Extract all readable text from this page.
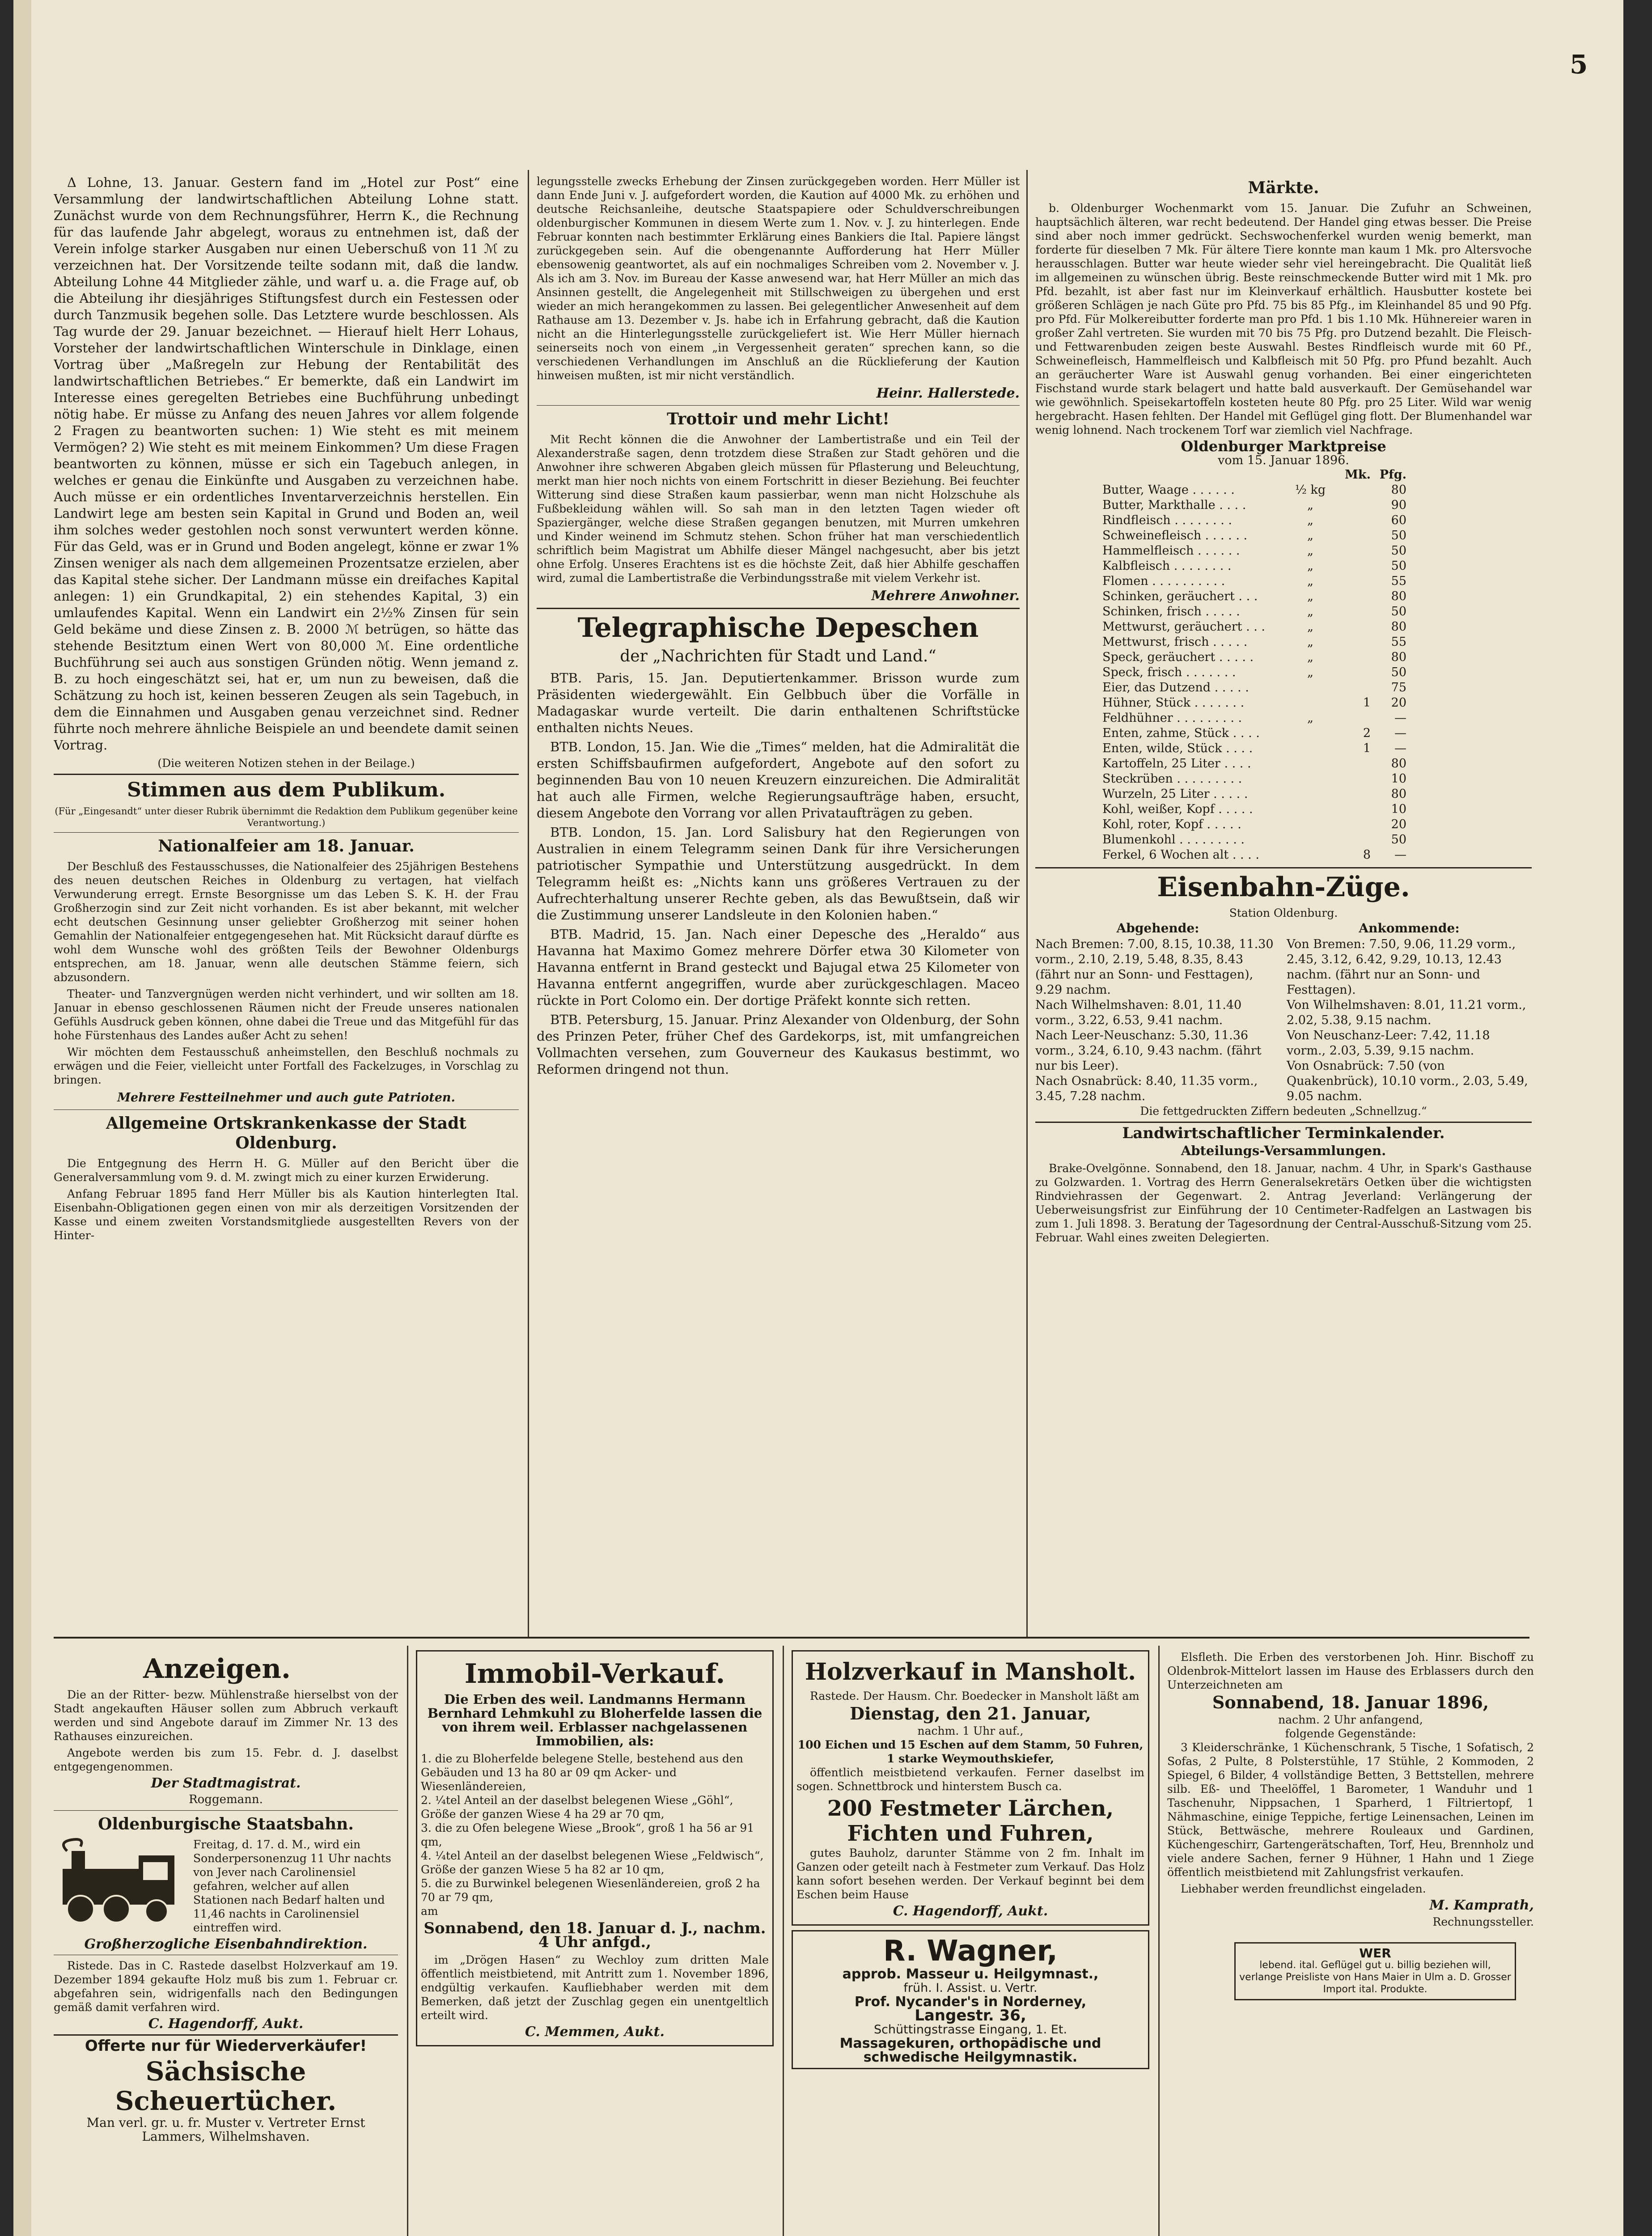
5

Δ Lohne, 13. Januar. Gestern fand im „Hotel zur Post“ eine Versammlung der landwirtschaftlichen Abteilung Lohne statt. Zunächst wurde von dem Rechnungsführer, Herrn K., die Rechnung für das laufende Jahr abgelegt, woraus zu entnehmen ist, daß der Verein infolge starker Ausgaben nur einen Ueberschuß von 11 ℳ zu verzeichnen hat. Der Vorsitzende teilte sodann mit, daß die landw. Abteilung Lohne 44 Mitglieder zähle, und warf u. a. die Frage auf, ob die Abteilung ihr diesjähriges Stiftungsfest durch ein Festessen oder durch Tanzmusik begehen solle. Das Letztere wurde beschlossen. Als Tag wurde der 29. Januar bezeichnet. — Hierauf hielt Herr Lohaus, Vorsteher der landwirtschaftlichen Winterschule in Dinklage, einen Vortrag über „Maßregeln zur Hebung der Rentabilität des landwirtschaftlichen Betriebes.“ Er bemerkte, daß ein Landwirt im Interesse eines geregelten Betriebes eine Buchführung unbedingt nötig habe. Er müsse zu Anfang des neuen Jahres vor allem folgende 2 Fragen zu beantworten suchen: 1) Wie steht es mit meinem Vermögen? 2) Wie steht es mit meinem Einkommen? Um diese Fragen beantworten zu können, müsse er sich ein Tagebuch anlegen, in welches er genau die Einkünfte und Ausgaben zu verzeichnen habe. Auch müsse er ein ordentliches Inventarverzeichnis herstellen. Ein Landwirt lege am besten sein Kapital in Grund und Boden an, weil ihm solches weder gestohlen noch sonst verwuntert werden könne. Für das Geld, was er in Grund und Boden angelegt, könne er zwar 1% Zinsen weniger als nach dem allgemeinen Prozentsatze erzielen, aber das Kapital stehe sicher. Der Landmann müsse ein dreifaches Kapital anlegen: 1) ein Grundkapital, 2) ein stehendes Kapital, 3) ein umlaufendes Kapital. Wenn ein Landwirt ein 2½% Zinsen für sein Geld bekäme und diese Zinsen z. B. 2000 ℳ betrügen, so hätte das stehende Besitztum einen Wert von 80,000 ℳ. Eine ordentliche Buchführung sei auch aus sonstigen Gründen nötig. Wenn jemand z. B. zu hoch eingeschätzt sei, hat er, um nun zu beweisen, daß die Schätzung zu hoch ist, keinen besseren Zeugen als sein Tagebuch, in dem die Einnahmen und Ausgaben genau verzeichnet sind. Redner führte noch mehrere ähnliche Beispiele an und beendete damit seinen Vortrag.

(Die weiteren Notizen stehen in der Beilage.)
Stimmen aus dem Publikum.
(Für „Eingesandt“ unter dieser Rubrik übernimmt die Redaktion dem Publikum gegenüber keine Verantwortung.)
Nationalfeier am 18. Januar.

Der Beschluß des Festausschusses, die Nationalfeier des 25jährigen Bestehens des neuen deutschen Reiches in Oldenburg zu vertagen, hat vielfach Verwunderung erregt. Ernste Besorgnisse um das Leben S. K. H. der Frau Großherzogin sind zur Zeit nicht vorhanden. Es ist aber bekannt, mit welcher echt deutschen Gesinnung unser geliebter Großherzog mit seiner hohen Gemahlin der Nationalfeier entgegengesehen hat. Mit Rücksicht darauf dürfte es wohl dem Wunsche wohl des größten Teils der Bewohner Oldenburgs entsprechen, am 18. Januar, wenn alle deutschen Stämme feiern, sich abzusondern.

Theater- und Tanzvergnügen werden nicht verhindert, und wir sollten am 18. Januar in ebenso geschlossenen Räumen nicht der Freude unseres nationalen Gefühls Ausdruck geben können, ohne dabei die Treue und das Mitgefühl für das hohe Fürstenhaus des Landes außer Acht zu sehen!

Wir möchten dem Festausschuß anheimstellen, den Beschluß nochmals zu erwägen und die Feier, vielleicht unter Fortfall des Fackelzuges, in Vorschlag zu bringen.

Mehrere Festteilnehmer und auch gute Patrioten.
Allgemeine Ortskrankenkasse der Stadt Oldenburg.

Die Entgegnung des Herrn H. G. Müller auf den Bericht über die Generalversammlung vom 9. d. M. zwingt mich zu einer kurzen Erwiderung.

Anfang Februar 1895 fand Herr Müller bis als Kaution hinterlegten Ital. Eisenbahn-Obligationen gegen einen von mir als derzeitigen Vorsitzenden der Kasse und einem zweiten Vorstandsmitgliede ausgestellten Revers von der Hinter-

legungsstelle zwecks Erhebung der Zinsen zurückgegeben worden. Herr Müller ist dann Ende Juni v. J. aufgefordert worden, die Kaution auf 4000 Mk. zu erhöhen und deutsche Reichsanleihe, deutsche Staatspapiere oder Schuldverschreibungen oldenburgischer Kommunen in diesem Werte zum 1. Nov. v. J. zu hinterlegen. Ende Februar konnten nach bestimmter Erklärung eines Bankiers die Ital. Papiere längst zurückgegeben sein. Auf die obengenannte Aufforderung hat Herr Müller ebensowenig geantwortet, als auf ein nochmaliges Schreiben vom 2. November v. J. Als ich am 3. Nov. im Bureau der Kasse anwesend war, hat Herr Müller an mich das Ansinnen gestellt, die Angelegenheit mit Stillschweigen zu übergehen und erst wieder an mich herangekommen zu lassen. Bei gelegentlicher Anwesenheit auf dem Rathause am 13. Dezember v. Js. habe ich in Erfahrung gebracht, daß die Kaution nicht an die Hinterlegungsstelle zurückgeliefert ist. Wie Herr Müller hiernach seinerseits noch von einem „in Vergessenheit geraten“ sprechen kann, so die verschiedenen Verhandlungen im Anschluß an die Rücklieferung der Kaution hinweisen mußten, ist mir nicht verständlich.

Heinr. Hallerstede.
Trottoir und mehr Licht!

Mit Recht können die die Anwohner der Lambertistraße und ein Teil der Alexanderstraße sagen, denn trotzdem diese Straßen zur Stadt gehören und die Anwohner ihre schweren Abgaben gleich müssen für Pflasterung und Beleuchtung, merkt man hier noch nichts von einem Fortschritt in dieser Beziehung. Bei feuchter Witterung sind diese Straßen kaum passierbar, wenn man nicht Holzschuhe als Fußbekleidung wählen will. So sah man in den letzten Tagen wieder oft Spaziergänger, welche diese Straßen gegangen benutzen, mit Murren umkehren und Kinder weinend im Schmutz stehen. Schon früher hat man verschiedentlich schriftlich beim Magistrat um Abhilfe dieser Mängel nachgesucht, aber bis jetzt ohne Erfolg. Unseres Erachtens ist es die höchste Zeit, daß hier Abhilfe geschaffen wird, zumal die Lambertistraße die Verbindungsstraße mit vielem Verkehr ist.

Mehrere Anwohner.
Telegraphische Depeschen
der „Nachrichten für Stadt und Land.“

BTB. Paris, 15. Jan. Deputiertenkammer. Brisson wurde zum Präsidenten wiedergewählt. Ein Gelbbuch über die Vorfälle in Madagaskar wurde verteilt. Die darin enthaltenen Schriftstücke enthalten nichts Neues.

BTB. London, 15. Jan. Wie die „Times“ melden, hat die Admiralität die ersten Schiffsbaufirmen aufgefordert, Angebote auf den sofort zu beginnenden Bau von 10 neuen Kreuzern einzureichen. Die Admiralität hat auch alle Firmen, welche Regierungsaufträge haben, ersucht, diesem Angebote den Vorrang vor allen Privataufträgen zu geben.

BTB. London, 15. Jan. Lord Salisbury hat den Regierungen von Australien in einem Telegramm seinen Dank für ihre Versicherungen patriotischer Sympathie und Unterstützung ausgedrückt. In dem Telegramm heißt es: „Nichts kann uns größeres Vertrauen zu der Aufrechterhaltung unserer Rechte geben, als das Bewußtsein, daß wir die Zustimmung unserer Landsleute in den Kolonien haben.“

BTB. Madrid, 15. Jan. Nach einer Depesche des „Heraldo“ aus Havanna hat Maximo Gomez mehrere Dörfer etwa 30 Kilometer von Havanna entfernt in Brand gesteckt und Bajugal etwa 25 Kilometer von Havanna entfernt angegriffen, wurde aber zurückgeschlagen. Maceo rückte in Port Colomo ein. Der dortige Präfekt konnte sich retten.

BTB. Petersburg, 15. Januar. Prinz Alexander von Oldenburg, der Sohn des Prinzen Peter, früher Chef des Gardekorps, ist, mit umfangreichen Vollmachten versehen, zum Gouverneur des Kaukasus bestimmt, wo Reformen dringend not thun.

Märkte.

b. Oldenburger Wochenmarkt vom 15. Januar. Die Zufuhr an Schweinen, hauptsächlich älteren, war recht bedeutend. Der Handel ging etwas besser. Die Preise sind aber noch immer gedrückt. Sechswochenferkel wurden wenig bemerkt, man forderte für dieselben 7 Mk. Für ältere Tiere konnte man kaum 1 Mk. pro Altersvoche herausschlagen. Butter war heute wieder sehr viel hereingebracht. Die Qualität ließ im allgemeinen zu wünschen übrig. Beste reinschmeckende Butter wird mit 1 Mk. pro Pfd. bezahlt, ist aber fast nur im Kleinverkauf erhältlich. Hausbutter kostete bei größeren Schlägen je nach Güte pro Pfd. 75 bis 85 Pfg., im Kleinhandel 85 und 90 Pfg. pro Pfd. Für Molkereibutter forderte man pro Pfd. 1 bis 1.10 Mk. Hühnereier waren in großer Zahl vertreten. Sie wurden mit 70 bis 75 Pfg. pro Dutzend bezahlt. Die Fleisch- und Fettwarenbuden zeigen beste Auswahl. Bestes Rindfleisch wurde mit 60 Pf., Schweinefleisch, Hammelfleisch und Kalbfleisch mit 50 Pfg. pro Pfund bezahlt. Auch an geräucherter Ware ist Auswahl genug vorhanden. Bei einer eingerichteten Fischstand wurde stark belagert und hatte bald ausverkauft. Der Gemüsehandel war wie gewöhnlich. Speisekartoffeln kosteten heute 80 Pfg. pro 25 Liter. Wild war wenig hergebracht. Hasen fehlten. Der Handel mit Geflügel ging flott. Der Blumenhandel war wenig lohnend. Nach trockenem Torf war ziemlich viel Nachfrage.

Oldenburger Marktpreise
vom 15. Januar 1896.
		Mk.	Pfg.
Butter, Waage . . . . . .	½ kg		80
Butter, Markthalle . . . .	„		90
Rindfleisch . . . . . . . .	„		60
Schweinefleisch . . . . . .	„		50
Hammelfleisch . . . . . .	„		50
Kalbfleisch . . . . . . . .	„		50
Flomen . . . . . . . . . .	„		55
Schinken, geräuchert . . .	„		80
Schinken, frisch . . . . .	„		50
Mettwurst, geräuchert . . .	„		80
Mettwurst, frisch . . . . .	„		55
Speck, geräuchert . . . . .	„		80
Speck, frisch . . . . . . .	„		50
Eier, das Dutzend . . . . .			75
Hühner, Stück . . . . . . .		1	20
Feldhühner . . . . . . . . .	„		—
Enten, zahme, Stück . . . .		2	—
Enten, wilde, Stück . . . .		1	—
Kartoffeln, 25 Liter . . . .			80
Steckrüben . . . . . . . . .			10
Wurzeln, 25 Liter . . . . .			80
Kohl, weißer, Kopf . . . . .			10
Kohl, roter, Kopf . . . . .			20
Blumenkohl . . . . . . . . .			50
Ferkel, 6 Wochen alt . . . .		8	—
Eisenbahn-Züge.
Station Oldenburg.
Abgehende:
Nach Bremen: 7.00, 8.15, 10.38, 11.30 vorm., 2.10, 2.19, 5.48, 8.35, 8.43 (fährt nur an Sonn- und Festtagen), 9.29 nachm.
Nach Wilhelmshaven: 8.01, 11.40 vorm., 3.22, 6.53, 9.41 nachm.
Nach Leer-Neuschanz: 5.30, 11.36 vorm., 3.24, 6.10, 9.43 nachm. (fährt nur bis Leer).
Nach Osnabrück: 8.40, 11.35 vorm., 3.45, 7.28 nachm.
Ankommende:
Von Bremen: 7.50, 9.06, 11.29 vorm., 2.45, 3.12, 6.42, 9.29, 10.13, 12.43 nachm. (fährt nur an Sonn- und Festtagen).
Von Wilhelmshaven: 8.01, 11.21 vorm., 2.02, 5.38, 9.15 nachm.
Von Neuschanz-Leer: 7.42, 11.18 vorm., 2.03, 5.39, 9.15 nachm.
Von Osnabrück: 7.50 (von Quakenbrück), 10.10 vorm., 2.03, 5.49, 9.05 nachm.
Die fettgedruckten Ziffern bedeuten „Schnellzug.“
Landwirtschaftlicher Terminkalender.
Abteilungs-Versammlungen.

Brake-Ovelgönne. Sonnabend, den 18. Januar, nachm. 4 Uhr, in Spark's Gasthause zu Golzwarden. 1. Vortrag des Herrn Generalsekretärs Oetken über die wichtigsten Rindviehrassen der Gegenwart. 2. Antrag Jeverland: Verlängerung der Ueberweisungsfrist zur Einführung der 10 Centimeter-Radfelgen an Lastwagen bis zum 1. Juli 1898. 3. Beratung der Tagesordnung der Central-Ausschuß-Sitzung vom 25. Februar. Wahl eines zweiten Delegierten.

Anzeigen.

Die an der Ritter- bezw. Mühlenstraße hierselbst von der Stadt angekauften Häuser sollen zum Abbruch verkauft werden und sind Angebote darauf im Zimmer Nr. 13 des Rathauses einzureichen.

Angebote werden bis zum 15. Febr. d. J. daselbst entgegengenommen.

Der Stadtmagistrat.
Roggemann.
Oldenburgische Staatsbahn.
Freitag, d. 17. d. M., wird ein Sonderpersonenzug 11 Uhr nachts von Jever nach Carolinensiel gefahren, welcher auf allen Stationen nach Bedarf halten und 11,46 nachts in Carolinensiel eintreffen wird.
Großherzogliche Eisenbahndirektion.

Ristede. Das in C. Rastede daselbst Holzverkauf am 19. Dezember 1894 gekaufte Holz muß bis zum 1. Februar cr. abgefahren sein, widrigenfalls nach den Bedingungen gemäß damit verfahren wird.

C. Hagendorff, Aukt.
Offerte nur für Wiederverkäufer!
Sächsische Scheuertücher.
Man verl. gr. u. fr. Muster v. Vertreter Ernst Lammers, Wilhelmshaven.
Immobil-Verkauf.
Die Erben des weil. Landmanns Hermann Bernhard Lehmkuhl zu Bloherfelde lassen die von ihrem weil. Erblasser nachgelassenen Immobilien, als:
1. die zu Bloherfelde belegene Stelle, bestehend aus den Gebäuden und 13 ha 80 ar 09 qm Acker- und Wiesenländereien,
2. ¹⁄₄tel Anteil an der daselbst belegenen Wiese „Göhl“, Größe der ganzen Wiese 4 ha 29 ar 70 qm,
3. die zu Ofen belegene Wiese „Brook“, groß 1 ha 56 ar 91 qm,
4. ¹⁄₄tel Anteil an der daselbst belegenen Wiese „Feldwisch“, Größe der ganzen Wiese 5 ha 82 ar 10 qm,
5. die zu Burwinkel belegenen Wiesenländereien, groß 2 ha 70 ar 79 qm,
am
Sonnabend, den 18. Januar d. J., nachm. 4 Uhr anfgd.,

im „Drögen Hasen“ zu Wechloy zum dritten Male öffentlich meistbietend, mit Antritt zum 1. November 1896, endgültig verkaufen. Kaufliebhaber werden mit dem Bemerken, daß jetzt der Zuschlag gegen ein unentgeltlich erteilt wird.

C. Memmen, Aukt.
Holzverkauf in Mansholt.

Rastede. Der Hausm. Chr. Boedecker in Mansholt läßt am

Dienstag, den 21. Januar,
nachm. 1 Uhr auf.,
100 Eichen und 15 Eschen auf dem Stamm, 50 Fuhren, 1 starke Weymouthskiefer,

öffentlich meistbietend verkaufen. Ferner daselbst im sogen. Schnettbrock und hinterstem Busch ca.

200 Festmeter Lärchen, Fichten und Fuhren,

gutes Bauholz, darunter Stämme von 2 fm. Inhalt im Ganzen oder geteilt nach à Festmeter zum Verkauf. Das Holz kann sofort besehen werden. Der Verkauf beginnt bei dem Eschen beim Hause

C. Hagendorff, Aukt.
R. Wagner,
approb. Masseur u. Heilgymnast.,
früh. I. Assist. u. Vertr.
Prof. Nycander's in Norderney,
Langestr. 36,
Schüttingstrasse Eingang, 1. Et.
Massagekuren, orthopädische und
schwedische Heilgymnastik.

Elsfleth. Die Erben des verstorbenen Joh. Hinr. Bischoff zu Oldenbrok-Mittelort lassen im Hause des Erblassers durch den Unterzeichneten am

Sonnabend, 18. Januar 1896,
nachm. 2 Uhr anfangend,
folgende Gegenstände:

3 Kleiderschränke, 1 Küchenschrank, 5 Tische, 1 Sofatisch, 2 Sofas, 2 Pulte, 8 Polsterstühle, 17 Stühle, 2 Kommoden, 2 Spiegel, 6 Bilder, 4 vollständige Betten, 3 Bettstellen, mehrere silb. Eß- und Theelöffel, 1 Barometer, 1 Wanduhr und 1 Taschenuhr, Nippsachen, 1 Sparherd, 1 Filtriertopf, 1 Nähmaschine, einige Teppiche, fertige Leinensachen, Leinen im Stück, Bettwäsche, mehrere Rouleaux und Gardinen, Küchengeschirr, Gartengerätschaften, Torf, Heu, Brennholz und viele andere Sachen, ferner 9 Hühner, 1 Hahn und 1 Ziege öffentlich meistbietend mit Zahlungsfrist verkaufen.

Liebhaber werden freundlichst eingeladen.

M. Kamprath,
Rechnungssteller.
WER
lebend. ital. Geflügel gut u. billig beziehen will, verlange Preisliste von Hans Maier in Ulm a. D. Grosser Import ital. Produkte.
